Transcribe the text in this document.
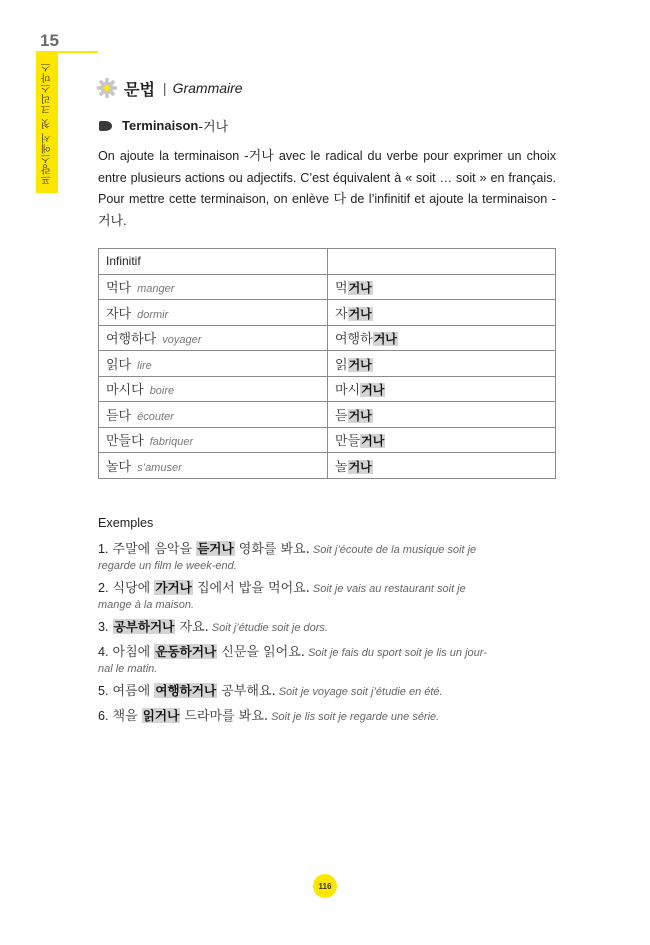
15
프랑스에서 첫 크리스마스	문법 | Grammaire
Terminaison -거나

On ajoute la terminaison -거나 avec le radical du verbe pour exprimer un choix entre plusieurs actions ou adjectifs. C’est équivalent à « soit … soit » en français. Pour mettre cette terminaison, on enlève 다 de l’infinitif et ajoute la terminaison -거나.

Infinitif	
먹다 manger	먹거나
자다 dormir	자거나
여행하다 voyager	여행하거나
읽다 lire	읽거나
마시다 boire	마시거나
듣다 écouter	듣거나
만들다 fabriquer	만들거나
놀다 s’amuser	놀거나
Exemples
1. 주말에 음악을 듣거나 영화를 봐요. Soit j’écoute de la musique soit je
regarde un film le week-end.
2. 식당에 가거나 집에서 밥을 먹어요. Soit je vais au restaurant soit je
mange à la maison.
3. 공부하거나 자요. Soit j’étudie soit je dors.
4. 아침에 운동하거나 신문을 읽어요. Soit je fais du sport soit je lis un jour-
nal le matin.
5. 여름에 여행하거나 공부해요. Soit je voyage soit j’étudie en été.
6. 책을 읽거나 드라마를 봐요. Soit je lis soit je regarde une série.
116
